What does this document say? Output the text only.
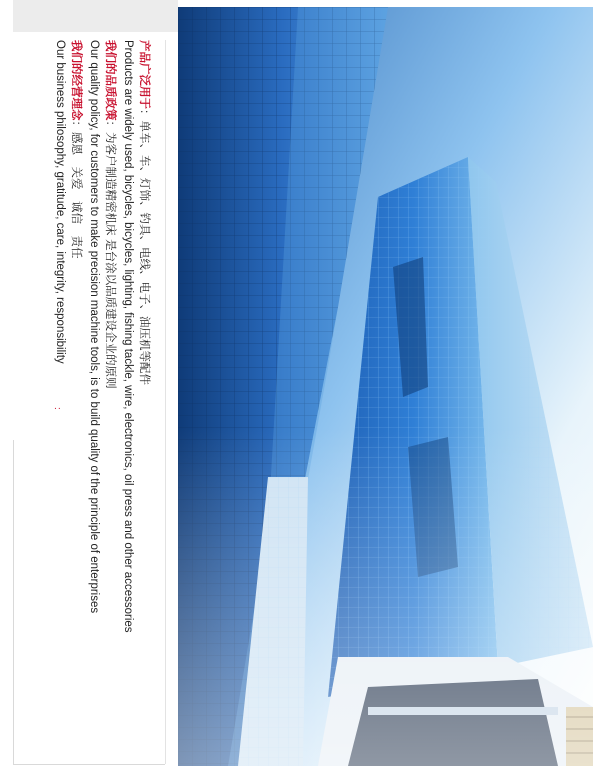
产品广泛用于：单车、车、灯饰、钓具、电线、电子、油压机等配件
Products are widely used, bicycles, bicycles, lighting, fishing tackle, wire, electronics, oil press and other accessories
我们的品质政策：为客户制造精密机床 是台涂以品质建设企业的原则
Our quality policy, for customers to make precision machine tools, is to build quality of the principle of enterprises
我们的经营理念：感恩　关爱　诚信　责任
Our business philosophy, gratitude, care, integrity, responsibility
..
